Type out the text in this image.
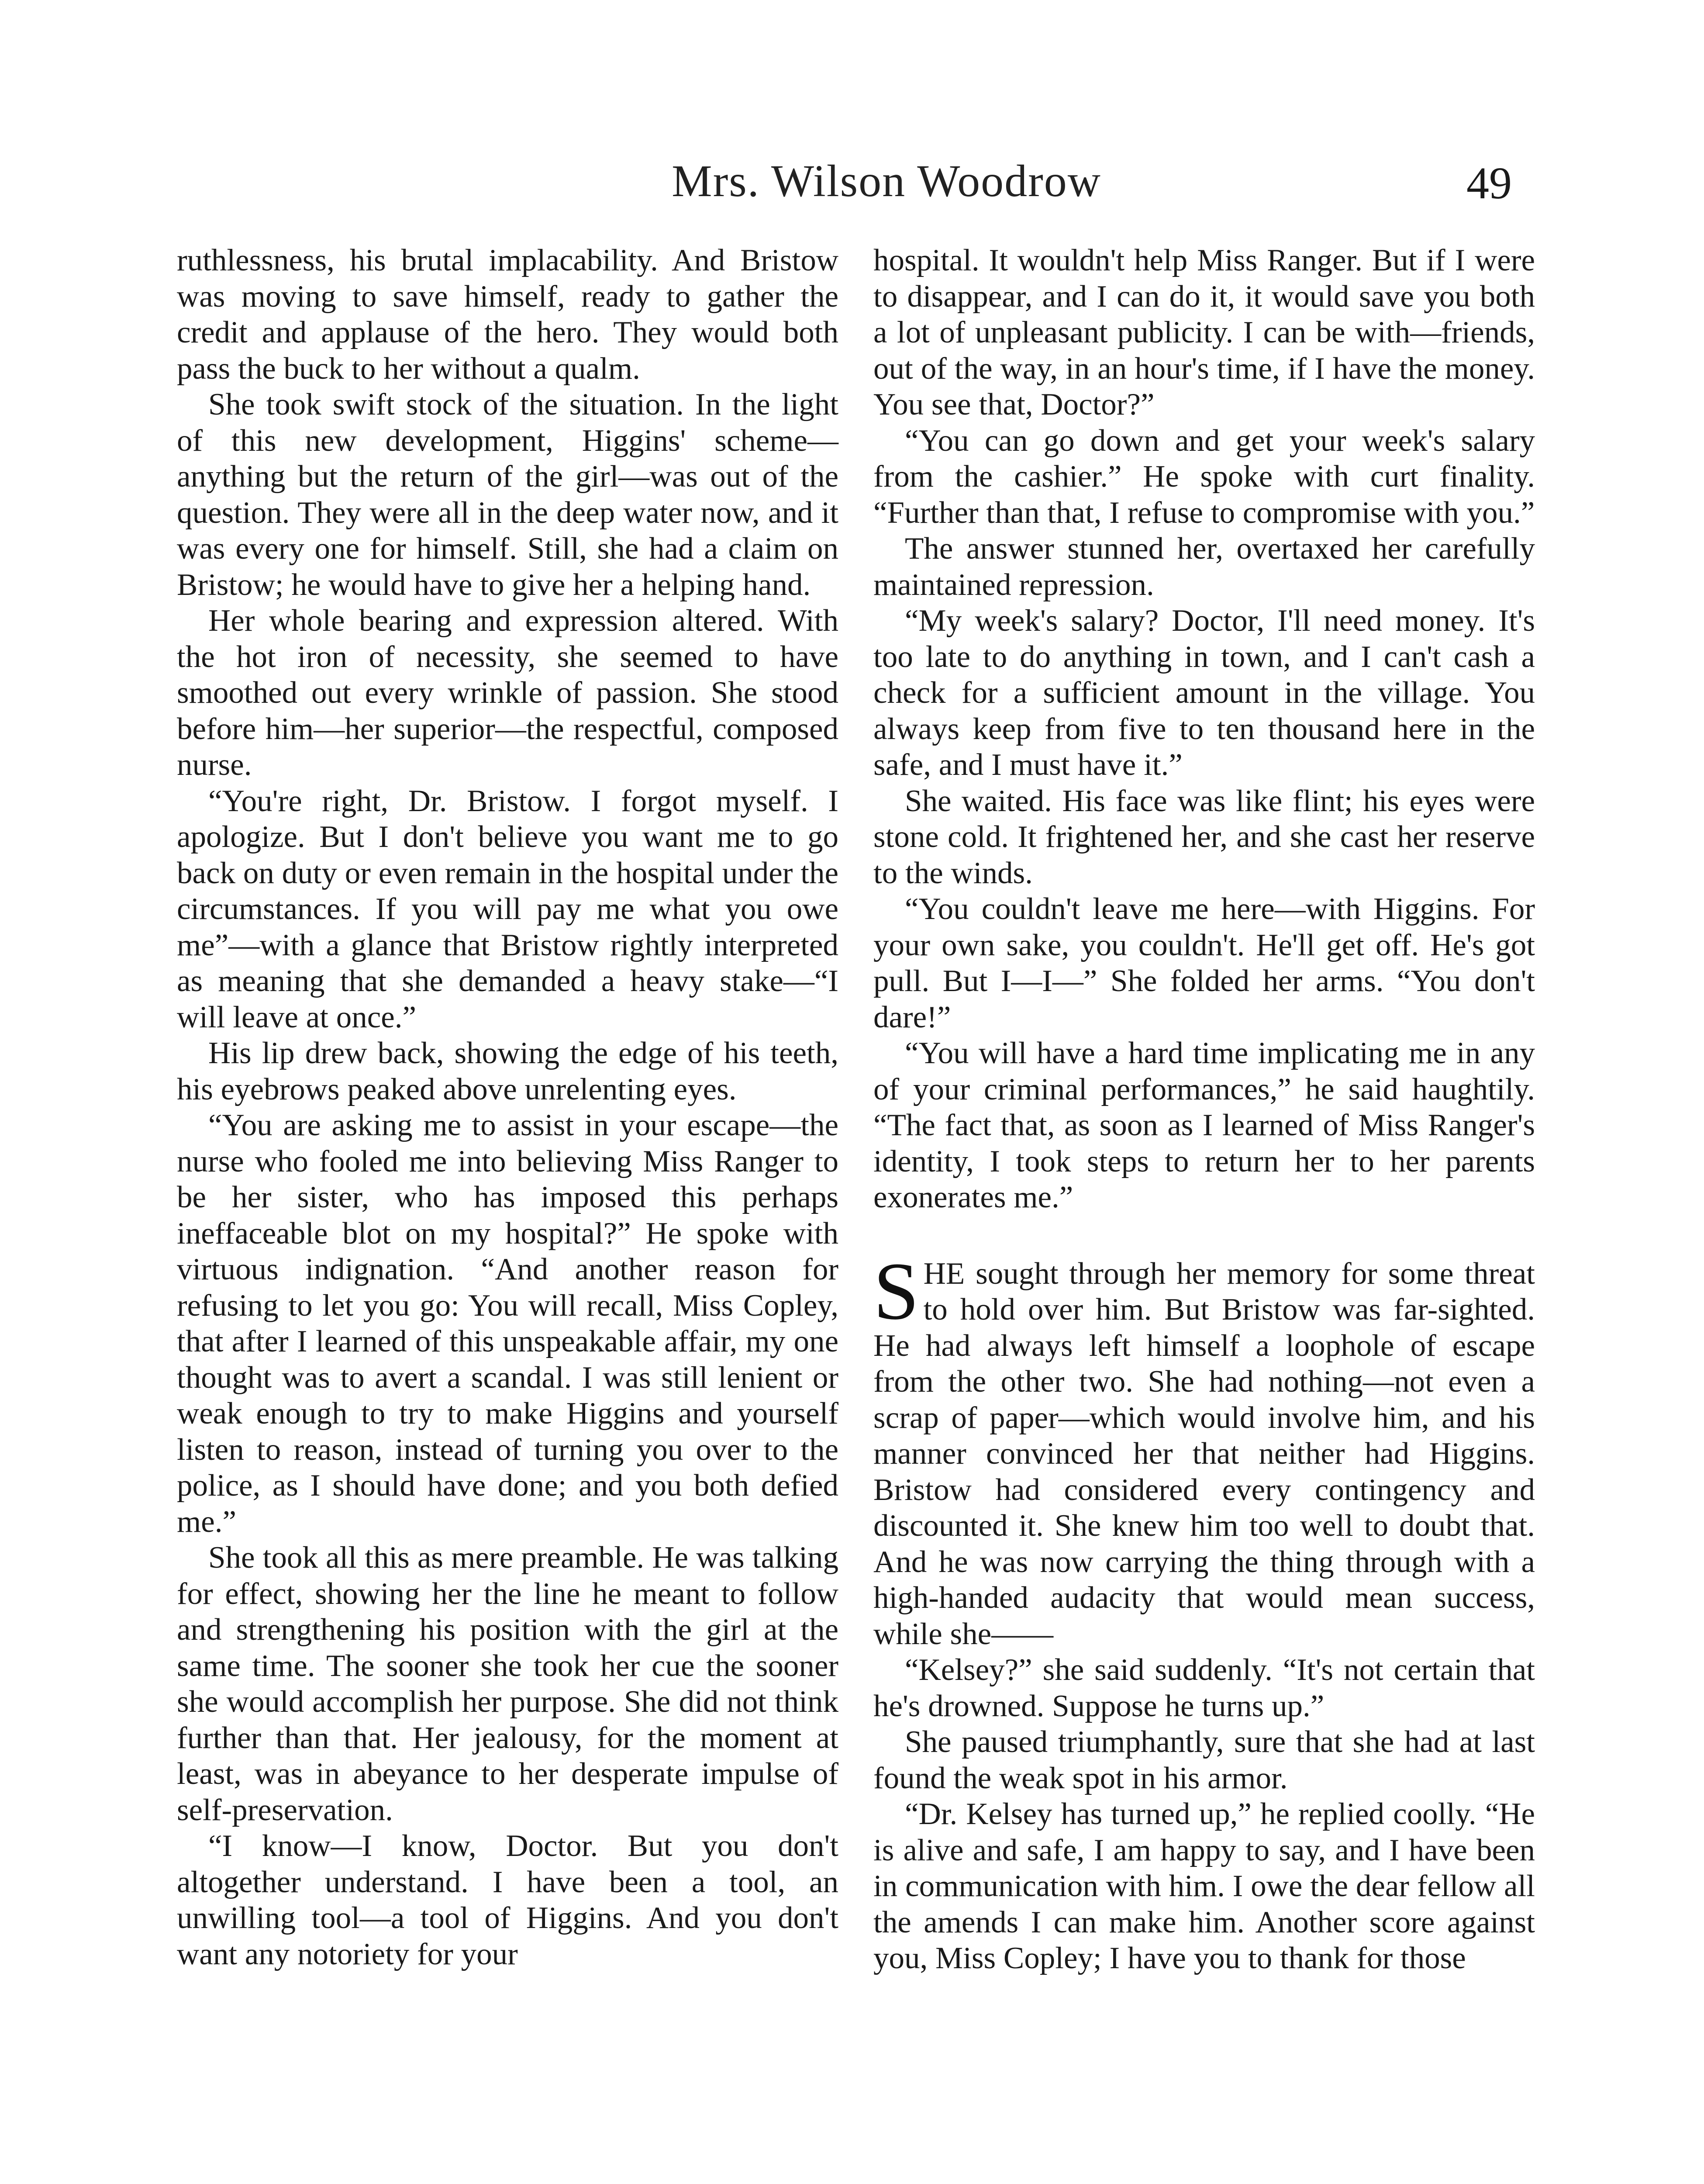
Mrs. Wilson Woodrow	49

ruthlessness, his brutal implacability. And Bristow was moving to save himself, ready to gather the credit and applause of the hero. They would both pass the buck to her without a qualm.

She took swift stock of the situation. In the light of this new development, Higgins' scheme—anything but the return of the girl—was out of the question. They were all in the deep water now, and it was every one for himself. Still, she had a claim on Bristow; he would have to give her a helping hand.

Her whole bearing and expression altered. With the hot iron of necessity, she seemed to have smoothed out every wrinkle of passion. She stood before him—her superior—the respectful, composed nurse.

“You're right, Dr. Bristow. I forgot myself. I apologize. But I don't believe you want me to go back on duty or even remain in the hospital under the circumstances. If you will pay me what you owe me”—with a glance that Bristow rightly interpreted as meaning that she demanded a heavy stake—“I will leave at once.”

His lip drew back, showing the edge of his teeth, his eyebrows peaked above unrelenting eyes.

“You are asking me to assist in your escape—the nurse who fooled me into believing Miss Ranger to be her sister, who has imposed this perhaps ineffaceable blot on my hospital?” He spoke with virtuous indignation. “And another reason for refusing to let you go: You will recall, Miss Copley, that after I learned of this unspeakable affair, my one thought was to avert a scandal. I was still lenient or weak enough to try to make Higgins and yourself listen to reason, instead of turning you over to the police, as I should have done; and you both defied me.”

She took all this as mere preamble. He was talking for effect, showing her the line he meant to follow and strengthening his position with the girl at the same time. The sooner she took her cue the sooner she would accomplish her purpose. She did not think further than that. Her jealousy, for the moment at least, was in abeyance to her desperate impulse of self-preservation.

“I know—I know, Doctor. But you don't altogether understand. I have been a tool, an unwilling tool—a tool of Higgins. And you don't want any notoriety for your

hospital. It wouldn't help Miss Ranger. But if I were to disappear, and I can do it, it would save you both a lot of unpleasant publicity. I can be with—friends, out of the way, in an hour's time, if I have the money. You see that, Doctor?”

“You can go down and get your week's salary from the cashier.” He spoke with curt finality. “Further than that, I refuse to compromise with you.”

The answer stunned her, overtaxed her carefully maintained repression.

“My week's salary? Doctor, I'll need money. It's too late to do anything in town, and I can't cash a check for a sufficient amount in the village. You always keep from five to ten thousand here in the safe, and I must have it.”

She waited. His face was like flint; his eyes were stone cold. It frightened her, and she cast her reserve to the winds.

“You couldn't leave me here—with Higgins. For your own sake, you couldn't. He'll get off. He's got pull. But I—I—” She folded her arms. “You don't dare!”

“You will have a hard time implicating me in any of your criminal performances,” he said haughtily. “The fact that, as soon as I learned of Miss Ranger's identity, I took steps to return her to her parents exonerates me.”

SHE sought through her memory for some threat to hold over him. But Bristow was far-sighted. He had always left himself a loophole of escape from the other two. She had nothing—not even a scrap of paper—which would involve him, and his manner convinced her that neither had Higgins. Bristow had considered every contingency and discounted it. She knew him too well to doubt that. And he was now carrying the thing through with a high-handed audacity that would mean success, while she——

“Kelsey?” she said suddenly. “It's not certain that he's drowned. Suppose he turns up.”

She paused triumphantly, sure that she had at last found the weak spot in his armor.

“Dr. Kelsey has turned up,” he replied coolly. “He is alive and safe, I am happy to say, and I have been in communication with him. I owe the dear fellow all the amends I can make him. Another score against you, Miss Copley; I have you to thank for those
